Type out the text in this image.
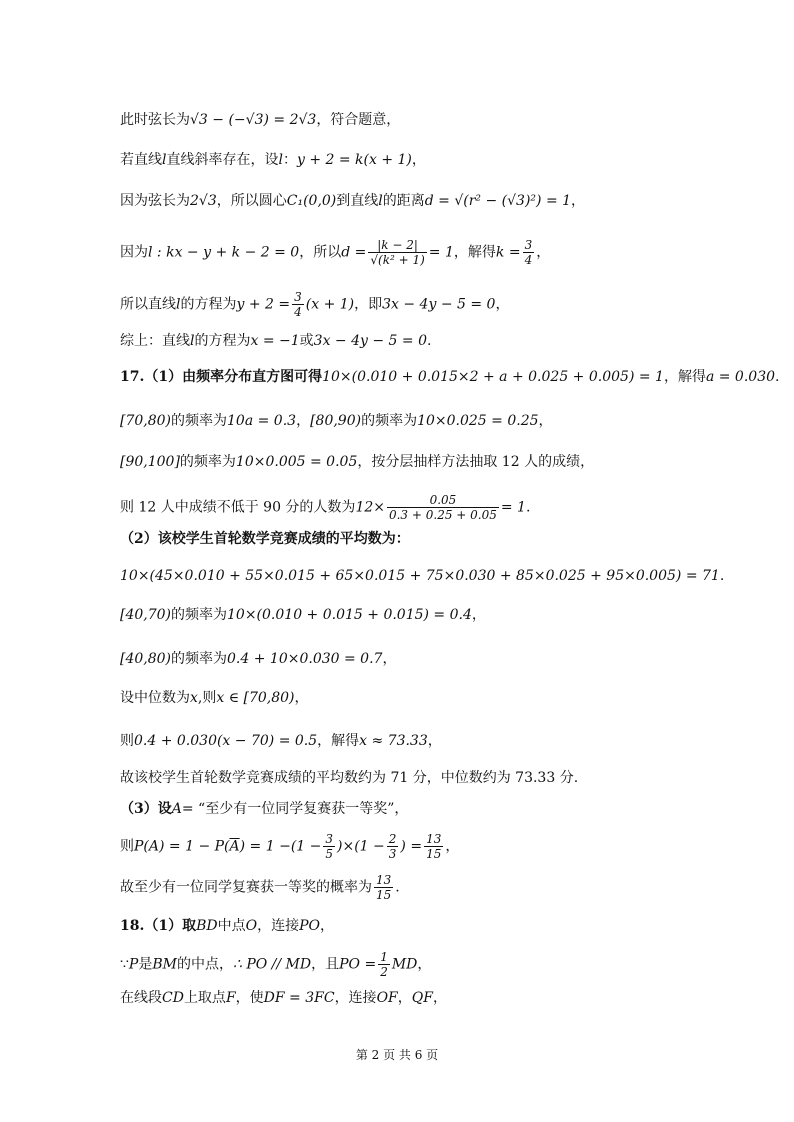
此时弦长为√3 − (−√3) = 2√3，符合题意，
若直线l直线斜率存在，设l：y + 2 = k(x + 1)，
因为弦长为2√3，所以圆心C₁(0,0)到直线l的距离d = √(r² − (√3)²) = 1，
因为l : kx − y + k − 2 = 0，所以$d = \frac{|k - 2|}{\text{√(k² + 1)}} = 1$，解得$k = \frac{3}{4}$ ，
所以直线l的方程为$y + 2 = \frac{3}{4} (x + 1)$，即3x − 4y − 5 = 0，
综上：直线l的方程为x = −1或3x − 4y − 5 = 0.
17.（1）由频率分布直方图可得10×(0.010 + 0.015×2 + a + 0.025 + 0.005) = 1，解得a = 0.030.
[70,80)的频率为10a = 0.3，[80,90)的频率为10×0.025 = 0.25，
[90,100]的频率为10×0.005 = 0.05，按分层抽样方法抽取 12 人的成绩，
则 12 人中成绩不低于 90 分的人数为$12\times \frac{0.05}{0.3 + 0.25 + 0.05} = 1$.
（2）该校学生首轮数学竞赛成绩的平均数为：
10×(45×0.010 + 55×0.015 + 65×0.015 + 75×0.030 + 85×0.025 + 95×0.005) = 71.
[40,70)的频率为10×(0.010 + 0.015 + 0.015) = 0.4，
[40,80)的频率为0.4 + 10×0.030 = 0.7，
设中位数为x,则x ∈ [70,80)，
则0.4 + 0.030(x − 70) = 0.5，解得x ≈ 73.33，
故该校学生首轮数学竞赛成绩的平均数约为 71 分，中位数约为 73.33 分.
（3）设A= “至少有一位同学复赛获一等奖”，
则$P(A) = 1 - P(\overline{A}) = 1 -(1 - \frac{3}{5} )\times(1 - \frac{2}{3}$ ) = $\frac{13}{15}$ ，
故至少有一位同学复赛获一等奖的概率为 $\frac{13}{15}$ .
18.（1）取BD中点O，连接PO，
∵P是BM的中点，∴ PO // MD，且PO = $\frac{1}{2}$ MD，
在线段CD上取点F，使DF = 3FC，连接OF，QF，
第 2 页 共 6 页
